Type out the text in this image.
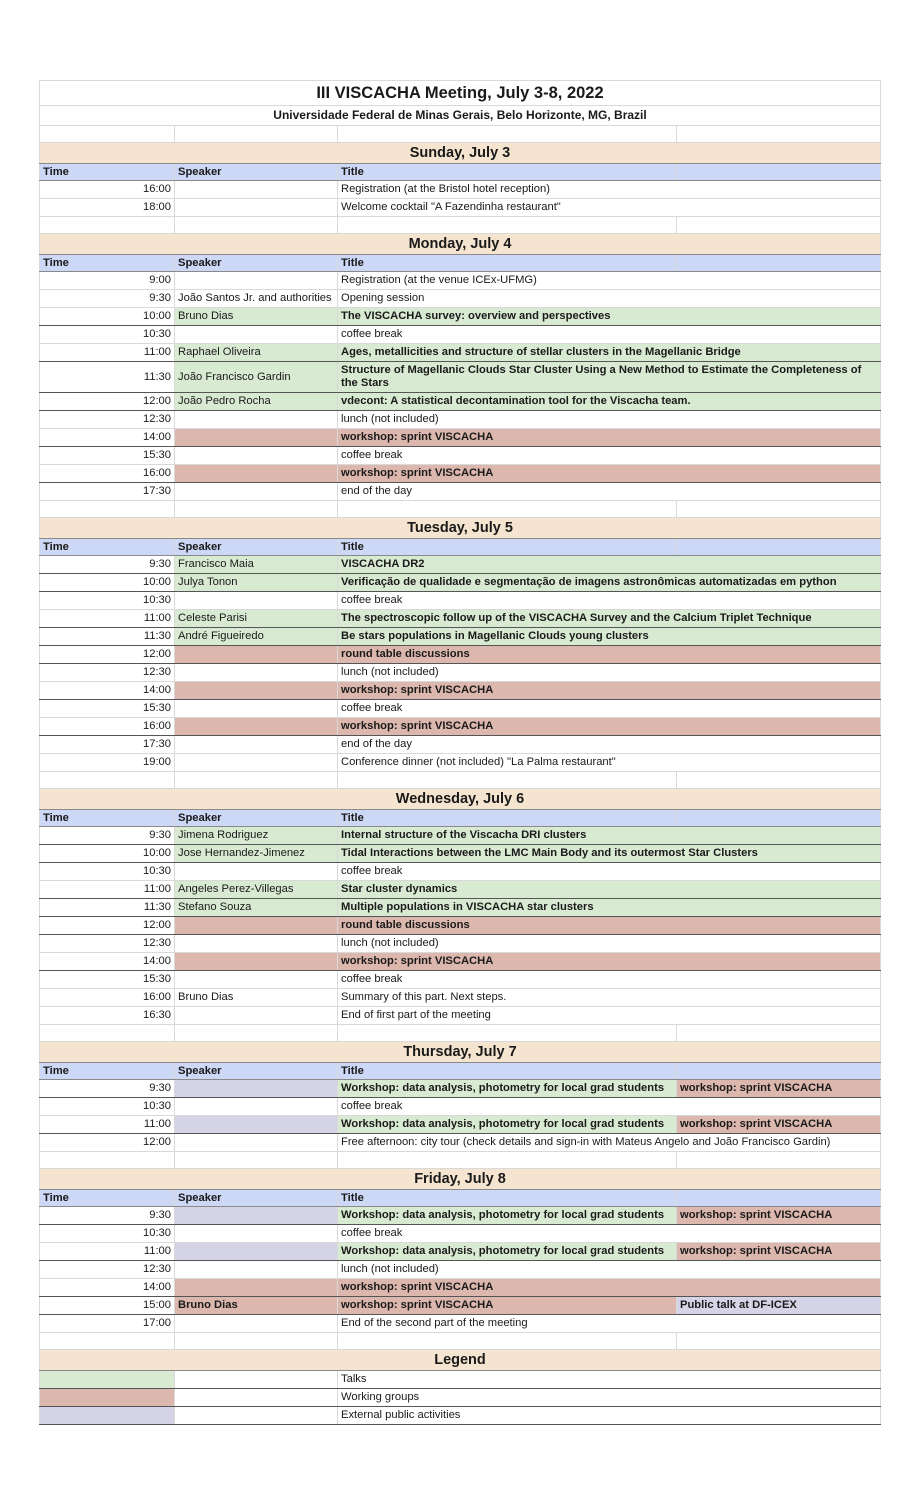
III VISCACHA Meeting, July 3-8, 2022			
Universidade Federal de Minas Gerais, Belo Horizonte, MG, Brazil			

Sunday, July 3			
Time	Speaker	Title	
16:00		Registration (at the Bristol hotel reception)	
18:00		Welcome cocktail "A Fazendinha restaurant"	

Monday, July 4			
Time	Speaker	Title	
9:00		Registration (at the venue ICEx-UFMG)	
9:30	João Santos Jr. and authorities	Opening session	
10:00	Bruno Dias	The VISCACHA survey: overview and perspectives	
10:30		coffee break	
11:00	Raphael Oliveira	Ages, metallicities and structure of stellar clusters in the Magellanic Bridge	
11:30	João Francisco Gardin	Structure of Magellanic Clouds Star Cluster Using a New Method to Estimate the Completeness of the Stars	
12:00	João Pedro Rocha	vdecont: A statistical decontamination tool for the Viscacha team.	
12:30		lunch (not included)	
14:00		workshop: sprint VISCACHA	
15:30		coffee break	
16:00		workshop: sprint VISCACHA	
17:30		end of the day	

Tuesday, July 5			
Time	Speaker	Title	
9:30	Francisco Maia	VISCACHA DR2	
10:00	Julya Tonon	Verificação de qualidade e segmentação de imagens astronômicas automatizadas em python	
10:30		coffee break	
11:00	Celeste Parisi	The spectroscopic follow up of the VISCACHA Survey and the Calcium Triplet Technique	
11:30	André Figueiredo	Be stars populations in Magellanic Clouds young clusters	
12:00		round table discussions	
12:30		lunch (not included)	
14:00		workshop: sprint VISCACHA	
15:30		coffee break	
16:00		workshop: sprint VISCACHA	
17:30		end of the day	
19:00		Conference dinner (not included) "La Palma restaurant"	

Wednesday, July 6			
Time	Speaker	Title	
9:30	Jimena Rodriguez	Internal structure of the Viscacha DRI clusters	
10:00	Jose Hernandez-Jimenez	Tidal Interactions between the LMC Main Body and its outermost Star Clusters	
10:30		coffee break	
11:00	Angeles Perez-Villegas	Star cluster dynamics	
11:30	Stefano Souza	Multiple populations in VISCACHA star clusters	
12:00		round table discussions	
12:30		lunch (not included)	
14:00		workshop: sprint VISCACHA	
15:30		coffee break	
16:00	Bruno Dias	Summary of this part. Next steps.	
16:30		End of first part of the meeting	

Thursday, July 7			
Time	Speaker	Title	
9:30		Workshop: data analysis, photometry for local grad students	workshop: sprint VISCACHA
10:30		coffee break	
11:00		Workshop: data analysis, photometry for local grad students	workshop: sprint VISCACHA
12:00		Free afternoon: city tour (check details and sign-in with Mateus Angelo and João Francisco Gardin)	

Friday, July 8			
Time	Speaker	Title	
9:30		Workshop: data analysis, photometry for local grad students	workshop: sprint VISCACHA
10:30		coffee break	
11:00		Workshop: data analysis, photometry for local grad students	workshop: sprint VISCACHA
12:30		lunch (not included)	
14:00		workshop: sprint VISCACHA	
15:00	Bruno Dias	workshop: sprint VISCACHA	Public talk at DF-ICEX
17:00		End of the second part of the meeting	

Legend			
		Talks	
		Working groups	
		External public activities	
